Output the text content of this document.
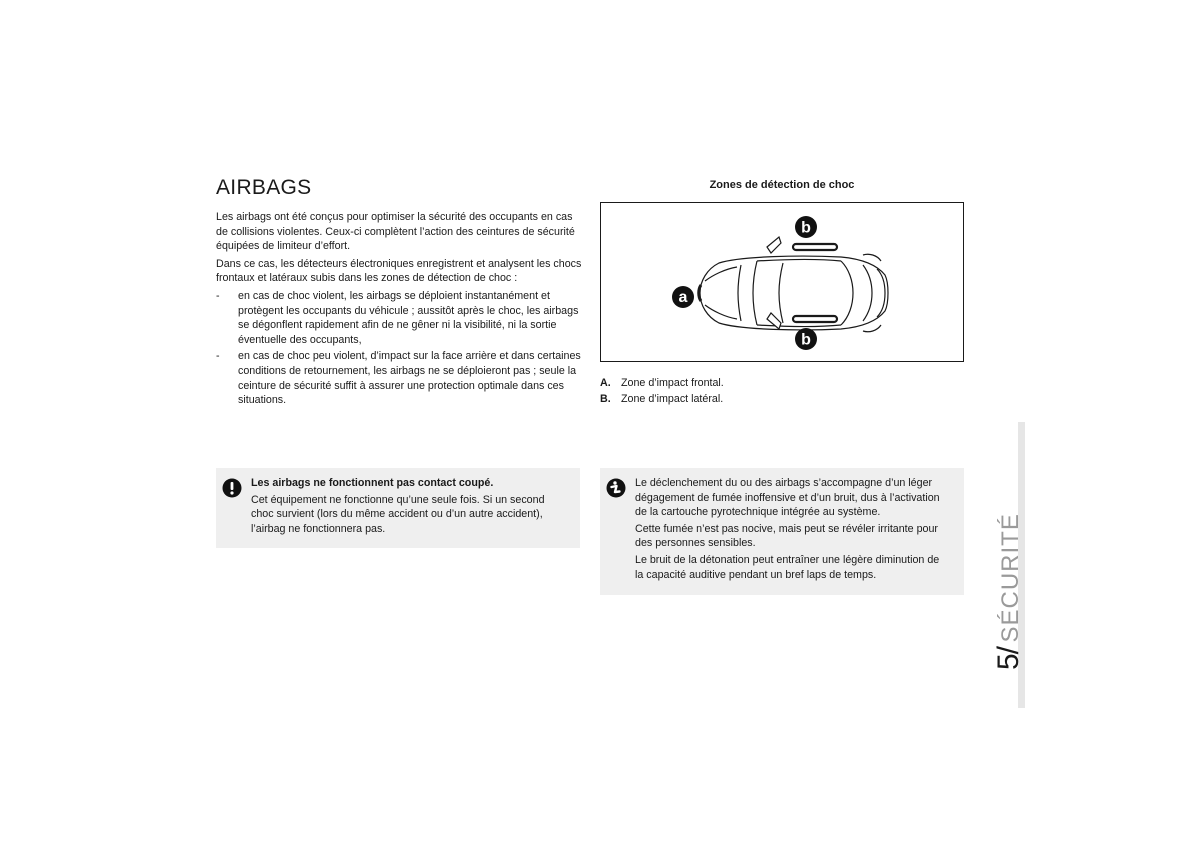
AIRBAGS

Les airbags ont été conçus pour optimiser la sécurité des occupants en cas de collisions violentes. Ceux-ci complètent l’action des ceintures de sécurité équipées de limiteur d’effort.

Dans ce cas, les détecteurs électroniques enregistrent et analysent les chocs frontaux et latéraux subis dans les zones de détection de choc :

- en cas de choc violent, les airbags se déploient instantanément et protègent les occupants du véhicule ; aussitôt après le choc, les airbags se dégonflent rapidement afin de ne gêner ni la visibilité, ni la sortie éventuelle des occupants,
- en cas de choc peu violent, d’impact sur la face arrière et dans certaines conditions de retournement, les airbags ne se déploieront pas ; seule la ceinture de sécurité suffit à assurer une protection optimale dans ces situations.
Zones de détection de choc
b
b
a
A. Zone d’impact frontal.
B. Zone d’impact latéral.

Les airbags ne fonctionnent pas contact coupé.

Cet équipement ne fonctionne qu’une seule fois. Si un second choc survient (lors du même accident ou d’un autre accident), l’airbag ne fonctionnera pas.

Le déclenchement du ou des airbags s’accompagne d’un léger dégagement de fumée inoffensive et d’un bruit, dus à l’activation de la cartouche pyrotechnique intégrée au système.

Cette fumée n’est pas nocive, mais peut se révéler irritante pour des personnes sensibles.

Le bruit de la détonation peut entraîner une légère diminution de la capacité auditive pendant un bref laps de temps.

5/ SÉCURITÉ
